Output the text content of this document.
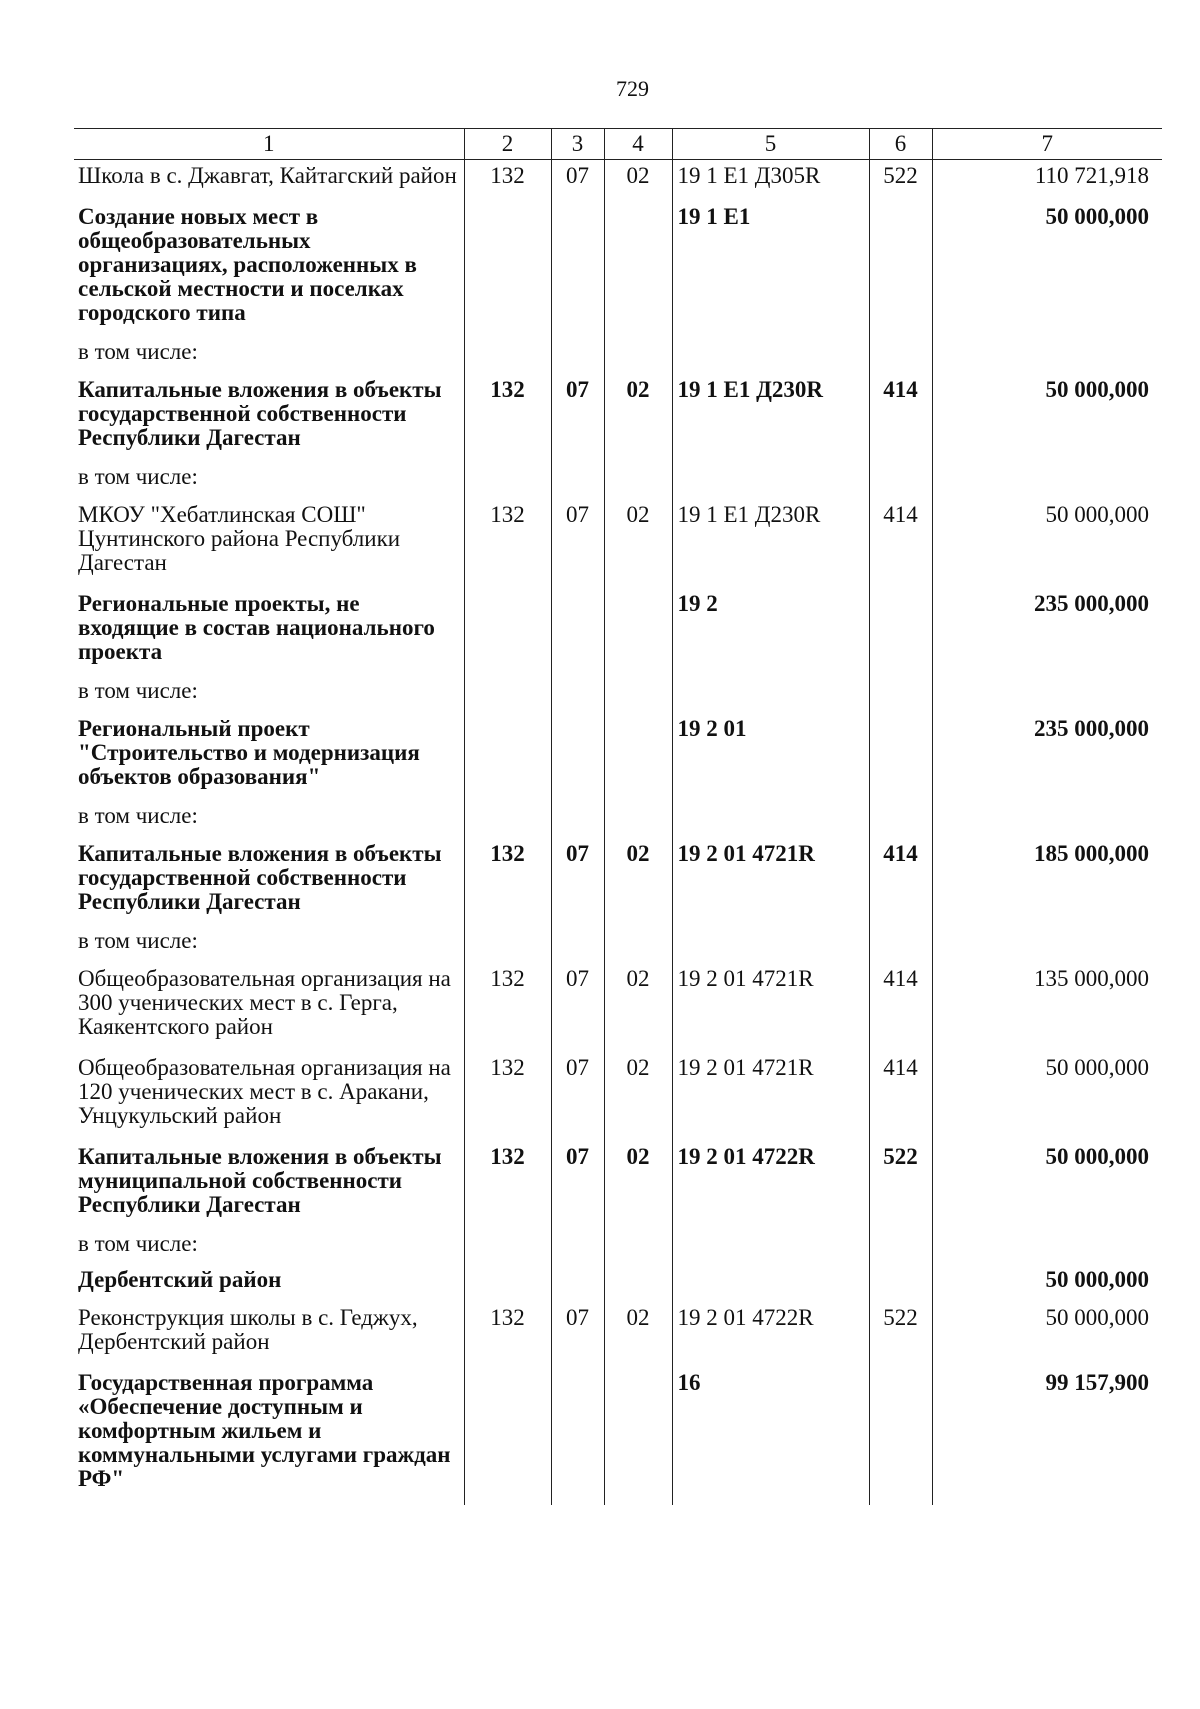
729
1	2	3	4	5	6	7
Школа в с. Джавгат, Кайтагский район	132	07	02	19 1 E1 Д305R	522	110 721,918
Создание новых мест в общеобразовательных организациях, расположенных в сельской местности и поселках городского типа				19 1 E1		50 000,000
в том числе:						
Капитальные вложения в объекты государственной собственности Республики Дагестан	132	07	02	19 1 E1 Д230R	414	50 000,000
в том числе:						
МКОУ "Хебатлинская СОШ" Цунтинского района Республики Дагестан	132	07	02	19 1 E1 Д230R	414	50 000,000
Региональные проекты, не входящие в состав национального проекта				19 2		235 000,000
в том числе:						
Региональный проект "Строительство и модернизация объектов образования"				19 2 01		235 000,000
в том числе:						
Капитальные вложения в объекты государственной собственности Республики Дагестан	132	07	02	19 2 01 4721R	414	185 000,000
в том числе:						
Общеобразовательная организация на 300 ученических мест в с. Герга, Каякентского район	132	07	02	19 2 01 4721R	414	135 000,000
Общеобразовательная организация на 120 ученических мест в с. Аракани, Унцукульский район	132	07	02	19 2 01 4721R	414	50 000,000
Капитальные вложения в объекты муниципальной собственности Республики Дагестан	132	07	02	19 2 01 4722R	522	50 000,000
в том числе:						
Дербентский район						50 000,000
Реконструкция школы в с. Геджух, Дербентский район	132	07	02	19 2 01 4722R	522	50 000,000
Государственная программа «Обеспечение доступным и комфортным жильем и коммунальными услугами граждан РФ"				16		99 157,900
